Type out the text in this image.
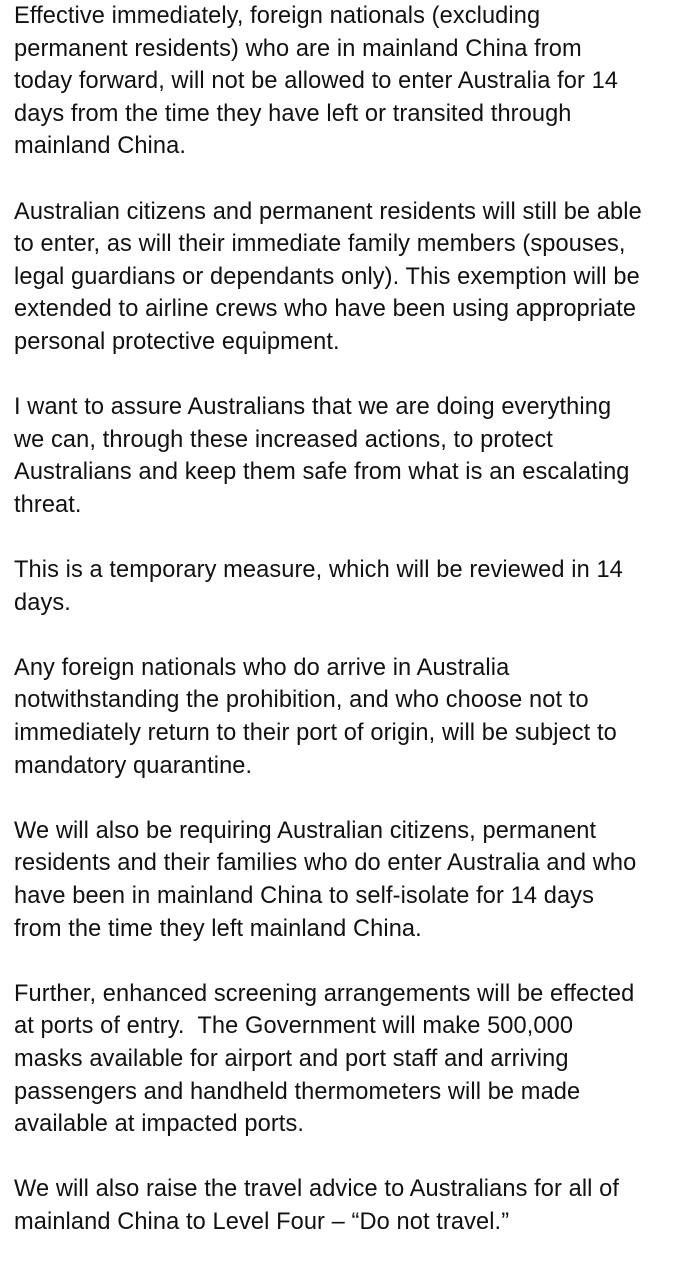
Effective immediately, foreign nationals (excluding
permanent residents) who are in mainland China from
today forward, will not be allowed to enter Australia for 14
days from the time they have left or transited through
mainland China.

Australian citizens and permanent residents will still be able
to enter, as will their immediate family members (spouses,
legal guardians or dependants only). This exemption will be
extended to airline crews who have been using appropriate
personal protective equipment.

I want to assure Australians that we are doing everything
we can, through these increased actions, to protect
Australians and keep them safe from what is an escalating
threat.

This is a temporary measure, which will be reviewed in 14
days.

Any foreign nationals who do arrive in Australia
notwithstanding the prohibition, and who choose not to
immediately return to their port of origin, will be subject to
mandatory quarantine.

We will also be requiring Australian citizens, permanent
residents and their families who do enter Australia and who
have been in mainland China to self-isolate for 14 days
from the time they left mainland China.

Further, enhanced screening arrangements will be effected
at ports of entry.  The Government will make 500,000
masks available for airport and port staff and arriving
passengers and handheld thermometers will be made
available at impacted ports.

We will also raise the travel advice to Australians for all of
mainland China to Level Four – “Do not travel.”
